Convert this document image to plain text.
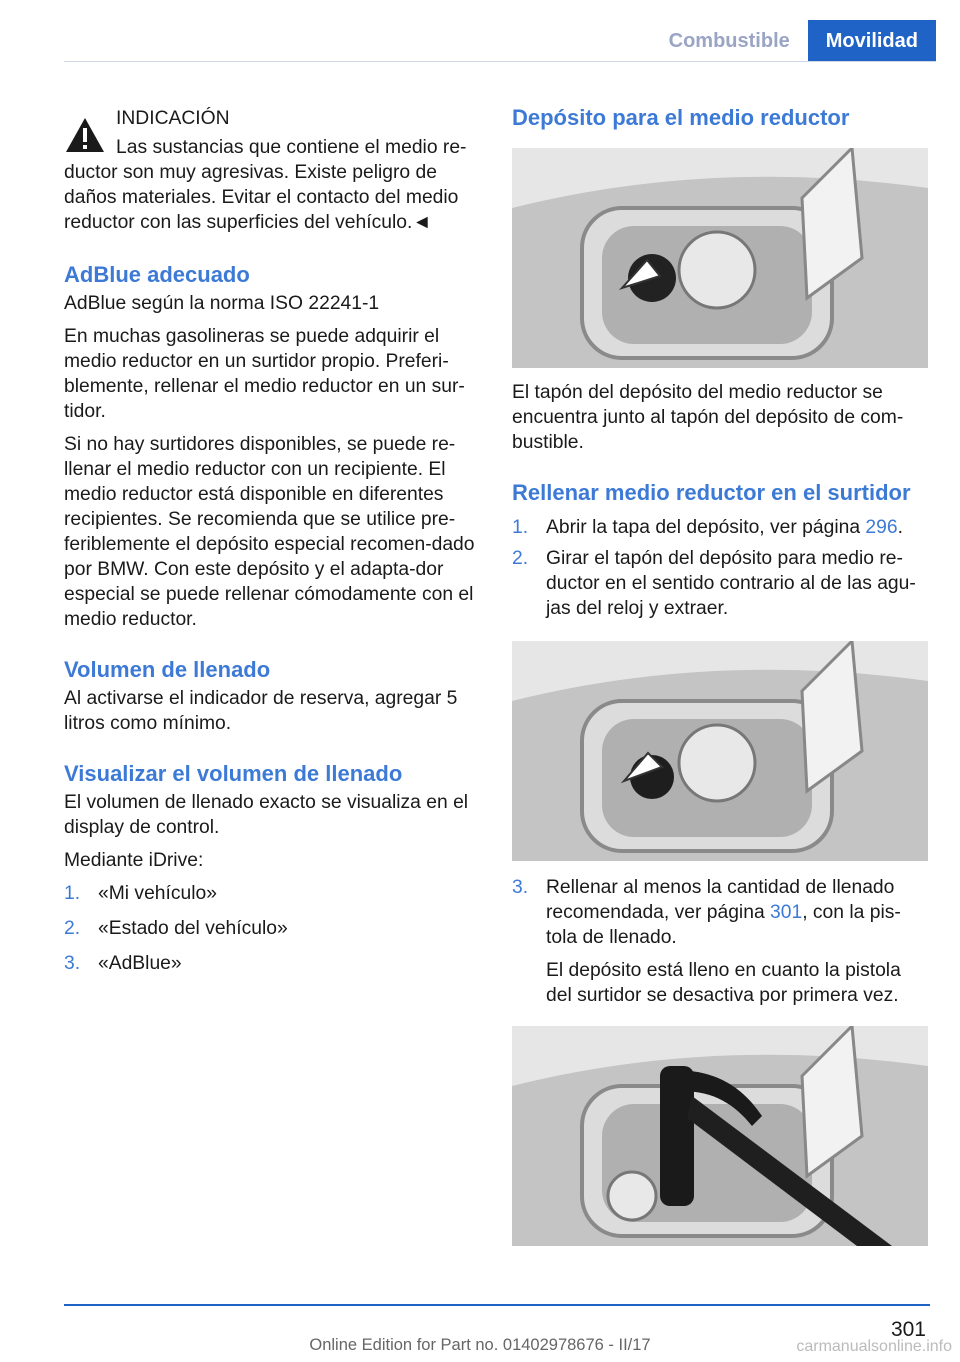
Combustible	Movilidad

INDICACIÓN

Las sustancias que contiene el medio re-

ductor son muy agresivas. Existe peligro de daños materiales. Evitar el contacto del medio reductor con las superficies del vehículo.◄

AdBlue adecuado

AdBlue según la norma ISO 22241-1

En muchas gasolineras se puede adquirir el medio reductor en un surtidor propio. Preferi-blemente, rellenar el medio reductor en un sur-tidor.

Si no hay surtidores disponibles, se puede re-llenar el medio reductor con un recipiente. El medio reductor está disponible en diferentes recipientes. Se recomienda que se utilice pre-feriblemente el depósito especial recomen-dado por BMW. Con este depósito y el adapta-dor especial se puede rellenar cómodamente con el medio reductor.

Volumen de llenado

Al activarse el indicador de reserva, agregar 5 litros como mínimo.

Visualizar el volumen de llenado

El volumen de llenado exacto se visualiza en el display de control.

Mediante iDrive:

1. «Mi vehículo»
2. «Estado del vehículo»
3. «AdBlue»
Depósito para el medio reductor

El tapón del depósito del medio reductor se encuentra junto al tapón del depósito de com-bustible.

Rellenar medio reductor en el surtidor
1. Abrir la tapa del depósito, ver página 296.
2. Girar el tapón del depósito para medio re-ductor en el sentido contrario al de las agu-jas del reloj y extraer.
3. Rellenar al menos la cantidad de llenado recomendada, ver página 301, con la pis-tola de llenado.

El depósito está lleno en cuanto la pistola del surtidor se desactiva por primera vez.

301
Online Edition for Part no. 01402978676 - II/17	carmanualsonline.info
